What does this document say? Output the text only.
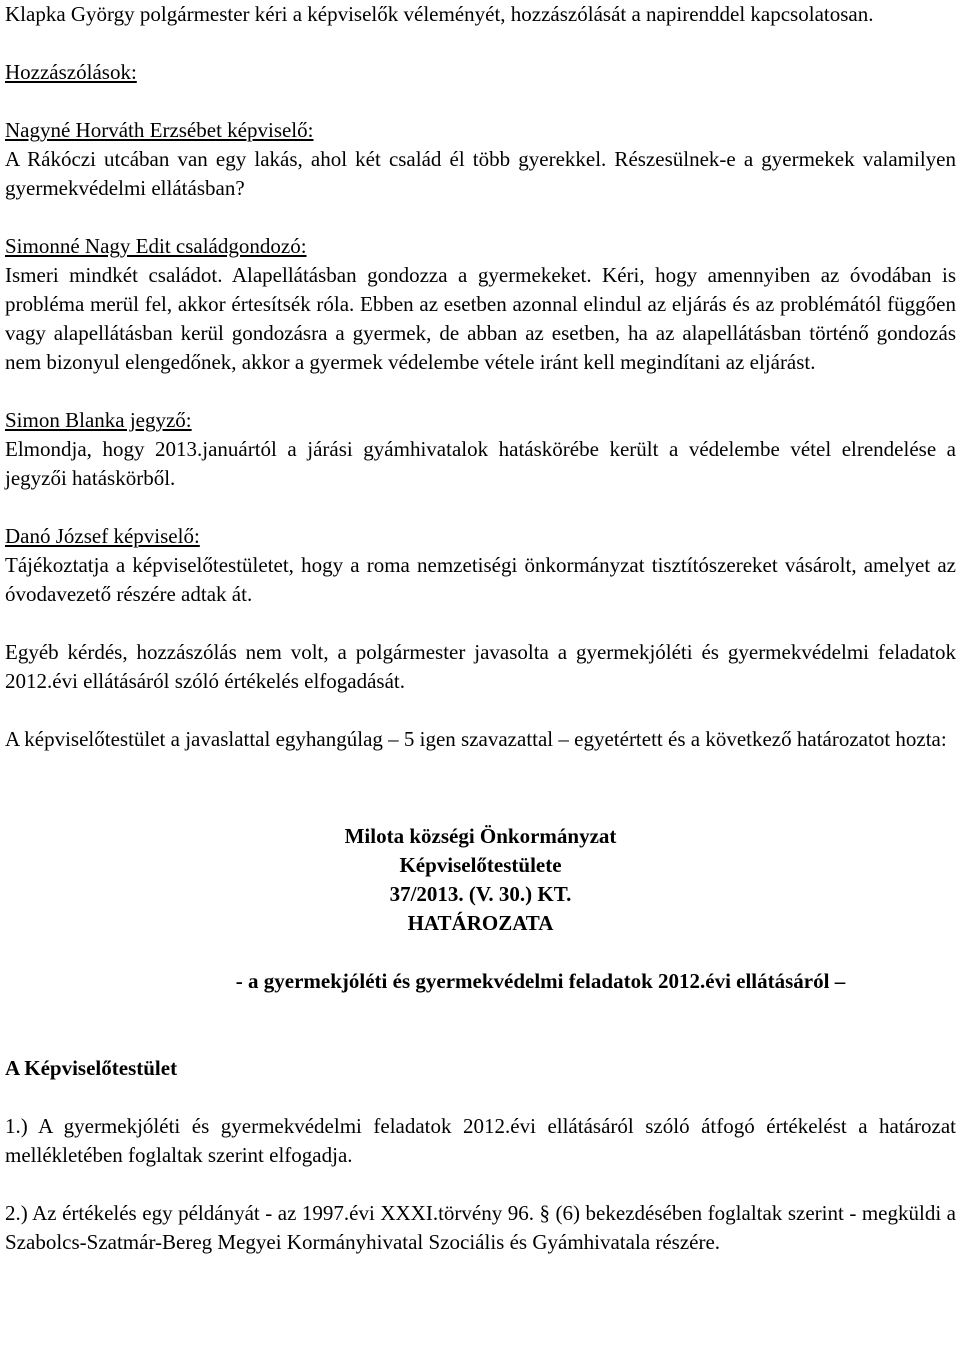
Klapka György polgármester kéri a képviselők véleményét, hozzászólását a napirenddel kapcsolatosan.

Hozzászólások:

Nagyné Horváth Erzsébet képviselő:

A Rákóczi utcában van egy lakás, ahol két család él több gyerekkel. Részesülnek-e a gyermekek valamilyen gyermekvédelmi ellátásban?

Simonné Nagy Edit családgondozó:

Ismeri mindkét családot. Alapellátásban gondozza a gyermekeket. Kéri, hogy amennyiben az óvodában is probléma merül fel, akkor értesítsék róla. Ebben az esetben azonnal elindul az eljárás és az problémától függően vagy alapellátásban kerül gondozásra a gyermek, de abban az esetben, ha az alapellátásban történő gondozás nem bizonyul elengedőnek, akkor a gyermek védelembe vétele iránt kell megindítani az eljárást.

Simon Blanka jegyző:

Elmondja, hogy 2013.januártól a járási gyámhivatalok hatáskörébe került a védelembe vétel elrendelése a jegyzői hatáskörből.

Danó József képviselő:

Tájékoztatja a képviselőtestületet, hogy a roma nemzetiségi önkormányzat tisztítószereket vásárolt, amelyet az óvodavezető részére adtak át.

Egyéb kérdés, hozzászólás nem volt, a polgármester javasolta a gyermekjóléti és gyermekvédelmi feladatok 2012.évi ellátásáról szóló értékelés elfogadását.

A képviselőtestület a javaslattal egyhangúlag – 5 igen szavazattal – egyetértett és a következő határozatot hozta:

Milota községi Önkormányzat

Képviselőtestülete

37/2013. (V. 30.) KT.

HATÁROZATA

- a gyermekjóléti és gyermekvédelmi feladatok 2012.évi ellátásáról –

A Képviselőtestület

1.) A gyermekjóléti és gyermekvédelmi feladatok 2012.évi ellátásáról szóló átfogó értékelést a határozat mellékletében foglaltak szerint elfogadja.

2.) Az értékelés egy példányát - az 1997.évi XXXI.törvény 96. § (6) bekezdésében foglaltak szerint - megküldi a Szabolcs-Szatmár-Bereg Megyei Kormányhivatal Szociális és Gyámhivatala részére.
